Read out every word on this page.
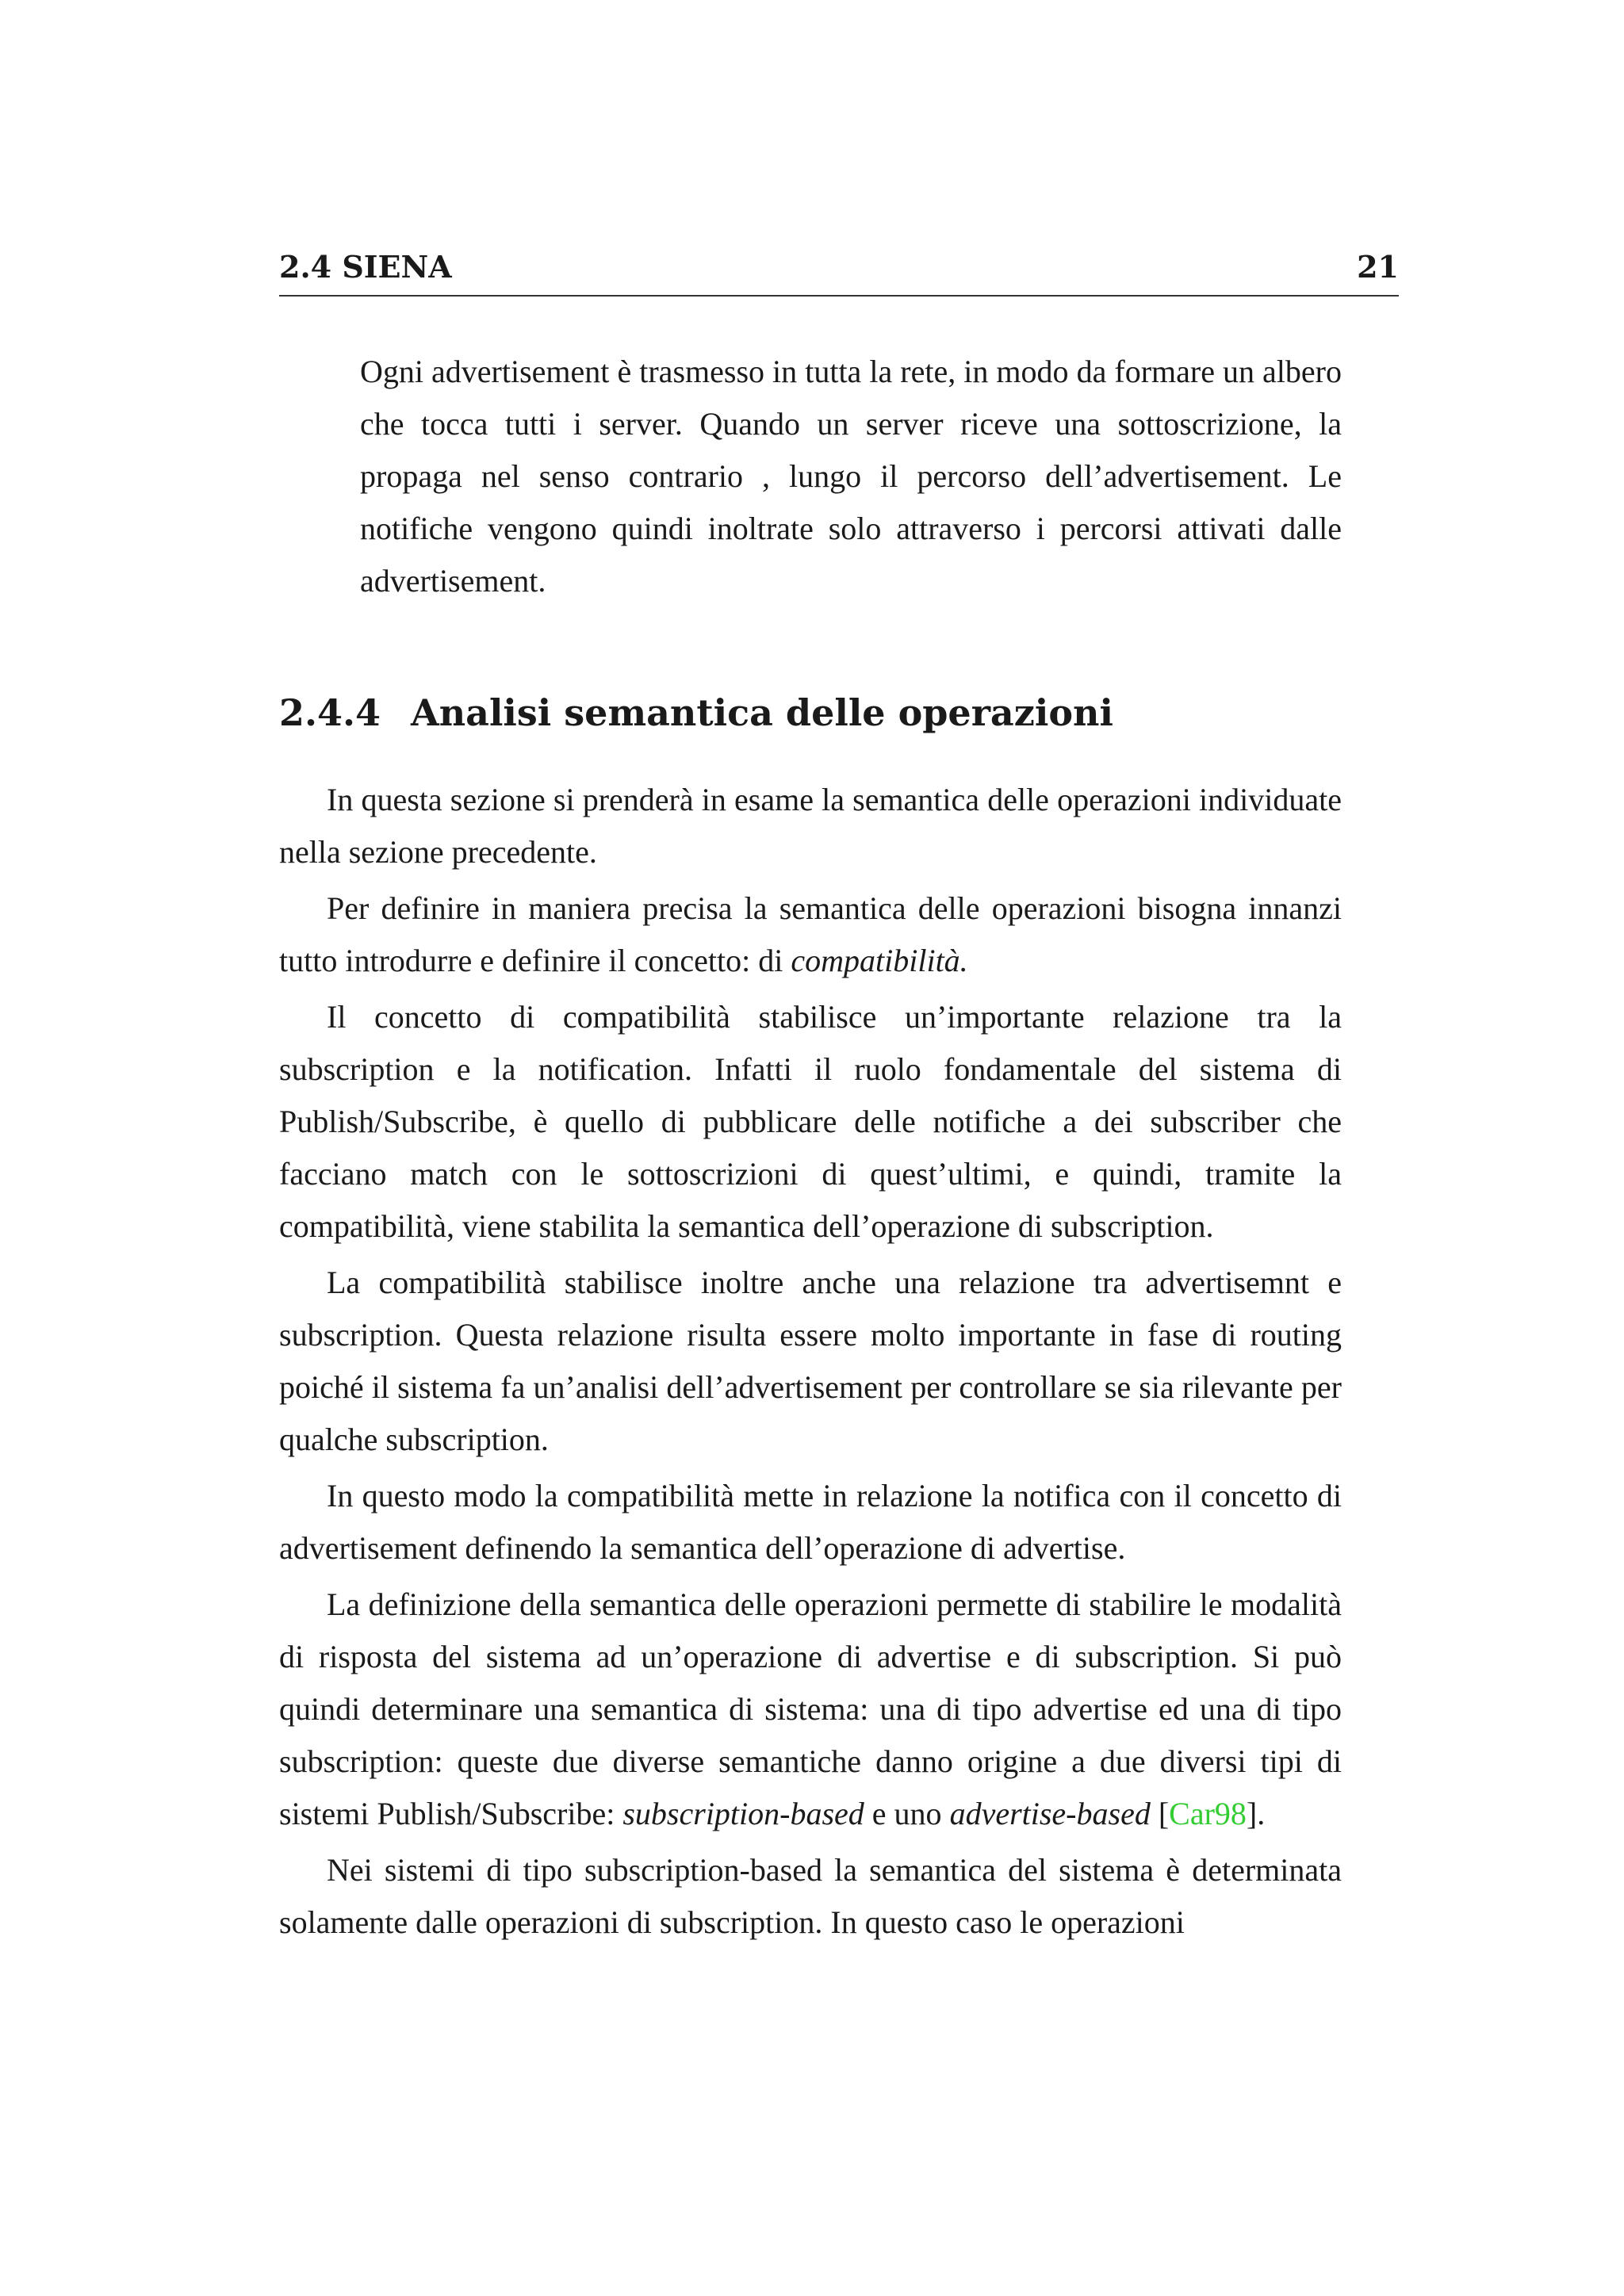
2.4 SIENA	21

Ogni advertisement è trasmesso in tutta la rete, in modo da formare un albero che tocca tutti i server. Quando un server riceve una sottoscrizione, la propaga nel senso contrario , lungo il percorso dell’advertisement. Le notifiche vengono quindi inoltrate solo attraverso i percorsi attivati dalle advertisement.

2.4.4 Analisi semantica delle operazioni

In questa sezione si prenderà in esame la semantica delle operazioni individuate nella sezione precedente.

Per definire in maniera precisa la semantica delle operazioni bisogna innanzi tutto introdurre e definire il concetto: di compatibilità.

Il concetto di compatibilità stabilisce un’importante relazione tra la subscription e la notification. Infatti il ruolo fondamentale del sistema di Publish/Subscribe, è quello di pubblicare delle notifiche a dei subscriber che facciano match con le sottoscrizioni di quest’ultimi, e quindi, tramite la compatibilità, viene stabilita la semantica dell’operazione di subscription.

La compatibilità stabilisce inoltre anche una relazione tra advertisemnt e subscription. Questa relazione risulta essere molto importante in fase di routing poiché il sistema fa un’analisi dell’advertisement per controllare se sia rilevante per qualche subscription.

In questo modo la compatibilità mette in relazione la notifica con il concetto di advertisement definendo la semantica dell’operazione di advertise.

La definizione della semantica delle operazioni permette di stabilire le modalità di risposta del sistema ad un’operazione di advertise e di subscription. Si può quindi determinare una semantica di sistema: una di tipo advertise ed una di tipo subscription: queste due diverse semantiche danno origine a due diversi tipi di sistemi Publish/Subscribe: subscription-based e uno advertise-based [Car98].

Nei sistemi di tipo subscription-based la semantica del sistema è determinata solamente dalle operazioni di subscription. In questo caso le operazioni
